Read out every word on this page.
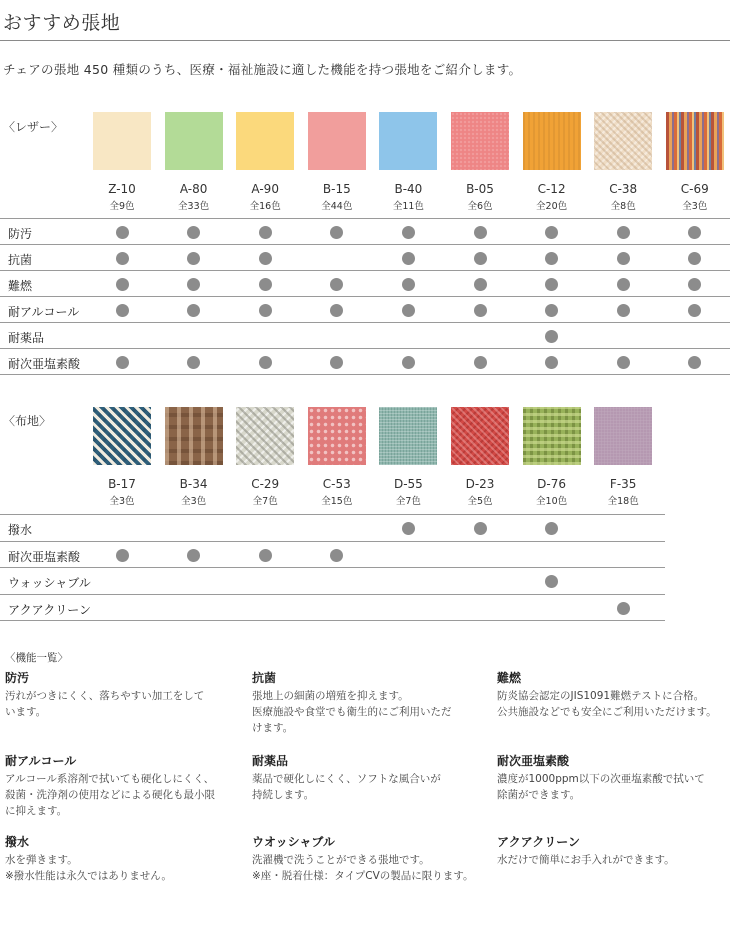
おすすめ張地
チェアの張地 450 種類のうち、医療・福祉施設に適した機能を持つ張地をご紹介します。
〈レザー〉
Z-10
全9色
A-80
全33色
A-90
全16色
B-15
全44色
B-40
全11色
B-05
全6色
C-12
全20色
C-38
全8色
C-69
全3色
防汚
抗菌
難燃
耐アルコール
耐薬品
耐次亜塩素酸
〈布地〉
B-17
全3色
B-34
全3色
C-29
全7色
C-53
全15色
D-55
全7色
D-23
全5色
D-76
全10色
F-35
全18色
撥水
耐次亜塩素酸
ウォッシャブル
アクアクリーン
〈機能一覧〉
防汚
汚れがつきにくく、落ちやすい加工をして
います。
抗菌
張地上の細菌の増殖を抑えます。
医療施設や食堂でも衛生的にご利用いただ
けます。
難燃
防炎協会認定のJIS1091難燃テストに合格。
公共施設などでも安全にご利用いただけます。
耐アルコール
アルコール系溶剤で拭いても硬化しにくく、
殺菌・洗浄剤の使用などによる硬化も最小限
に抑えます。
耐薬品
薬品で硬化しにくく、ソフトな風合いが
持続します。
耐次亜塩素酸
濃度が1000ppm以下の次亜塩素酸で拭いて
除菌ができます。
撥水
水を弾きます。
※撥水性能は永久ではありません。
ウオッシャブル
洗濯機で洗うことができる張地です。
※座・脱着仕様：タイプCVの製品に限ります。
アクアクリーン
水だけで簡単にお手入れができます。
